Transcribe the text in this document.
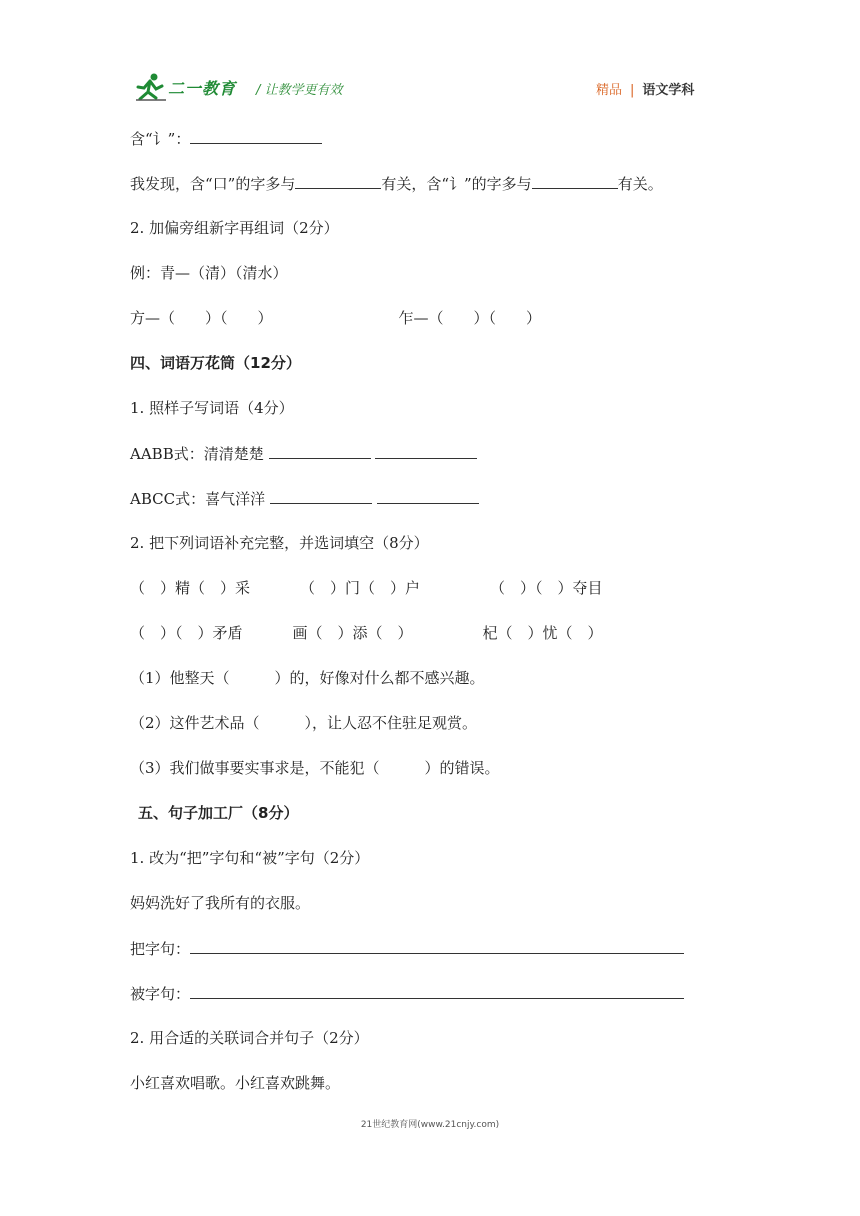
二一教育 / 让教学更有效	精品 | 语文学科
含“讠”：
我发现，含“口”的字多与	有关，含“讠”的字多与	有关。
2. 加偏旁组新字再组词（2分）
例：青—（清）（清水）
方—（　　）（　　）	乍—（　　）（　　）
四、词语万花筒（12分）
1. 照样子写词语（4分）
AABB式：清清楚楚
ABCC式：喜气洋洋
2. 把下列词语补充完整，并选词填空（8分）
（　）精（　）采	（　）门（　）户	（　）（　）夺目
（　）（　）矛盾	画（　）添（　）	杞（　）忧（　）
（1）他整天（　　　）的，好像对什么都不感兴趣。
（2）这件艺术品（　　　），让人忍不住驻足观赏。
（3）我们做事要实事求是，不能犯（　　　）的错误。
五、句子加工厂（8分）
1. 改为“把”字句和“被”字句（2分）
妈妈洗好了我所有的衣服。
把字句：
被字句：
2. 用合适的关联词合并句子（2分）
小红喜欢唱歌。小红喜欢跳舞。
21世纪教育网(www.21cnjy.com)
